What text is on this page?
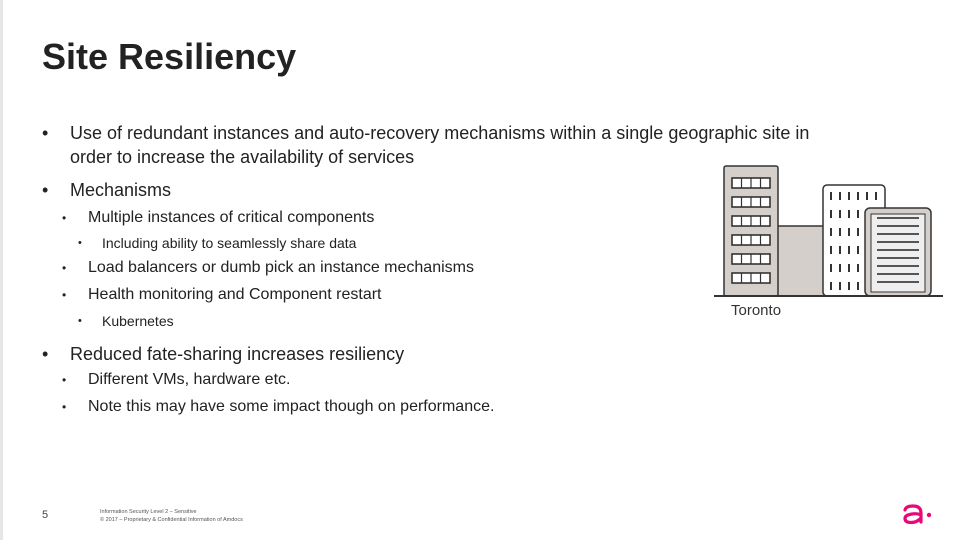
Site Resiliency
• Use of redundant instances and auto-recovery mechanisms within a single geographic site in
order to increase the availability of services
• Mechanisms
• Multiple instances of critical components
• Including ability to seamlessly share data
• Load balancers or dumb pick an instance mechanisms
• Health monitoring and Component restart
• Kubernetes
• Reduced fate-sharing increases resiliency
• Different VMs, hardware etc.
• Note this may have some impact though on performance.
Toronto
5	Information Security Level 2 – Sensitive
© 2017 – Proprietary & Confidential Information of Amdocs
